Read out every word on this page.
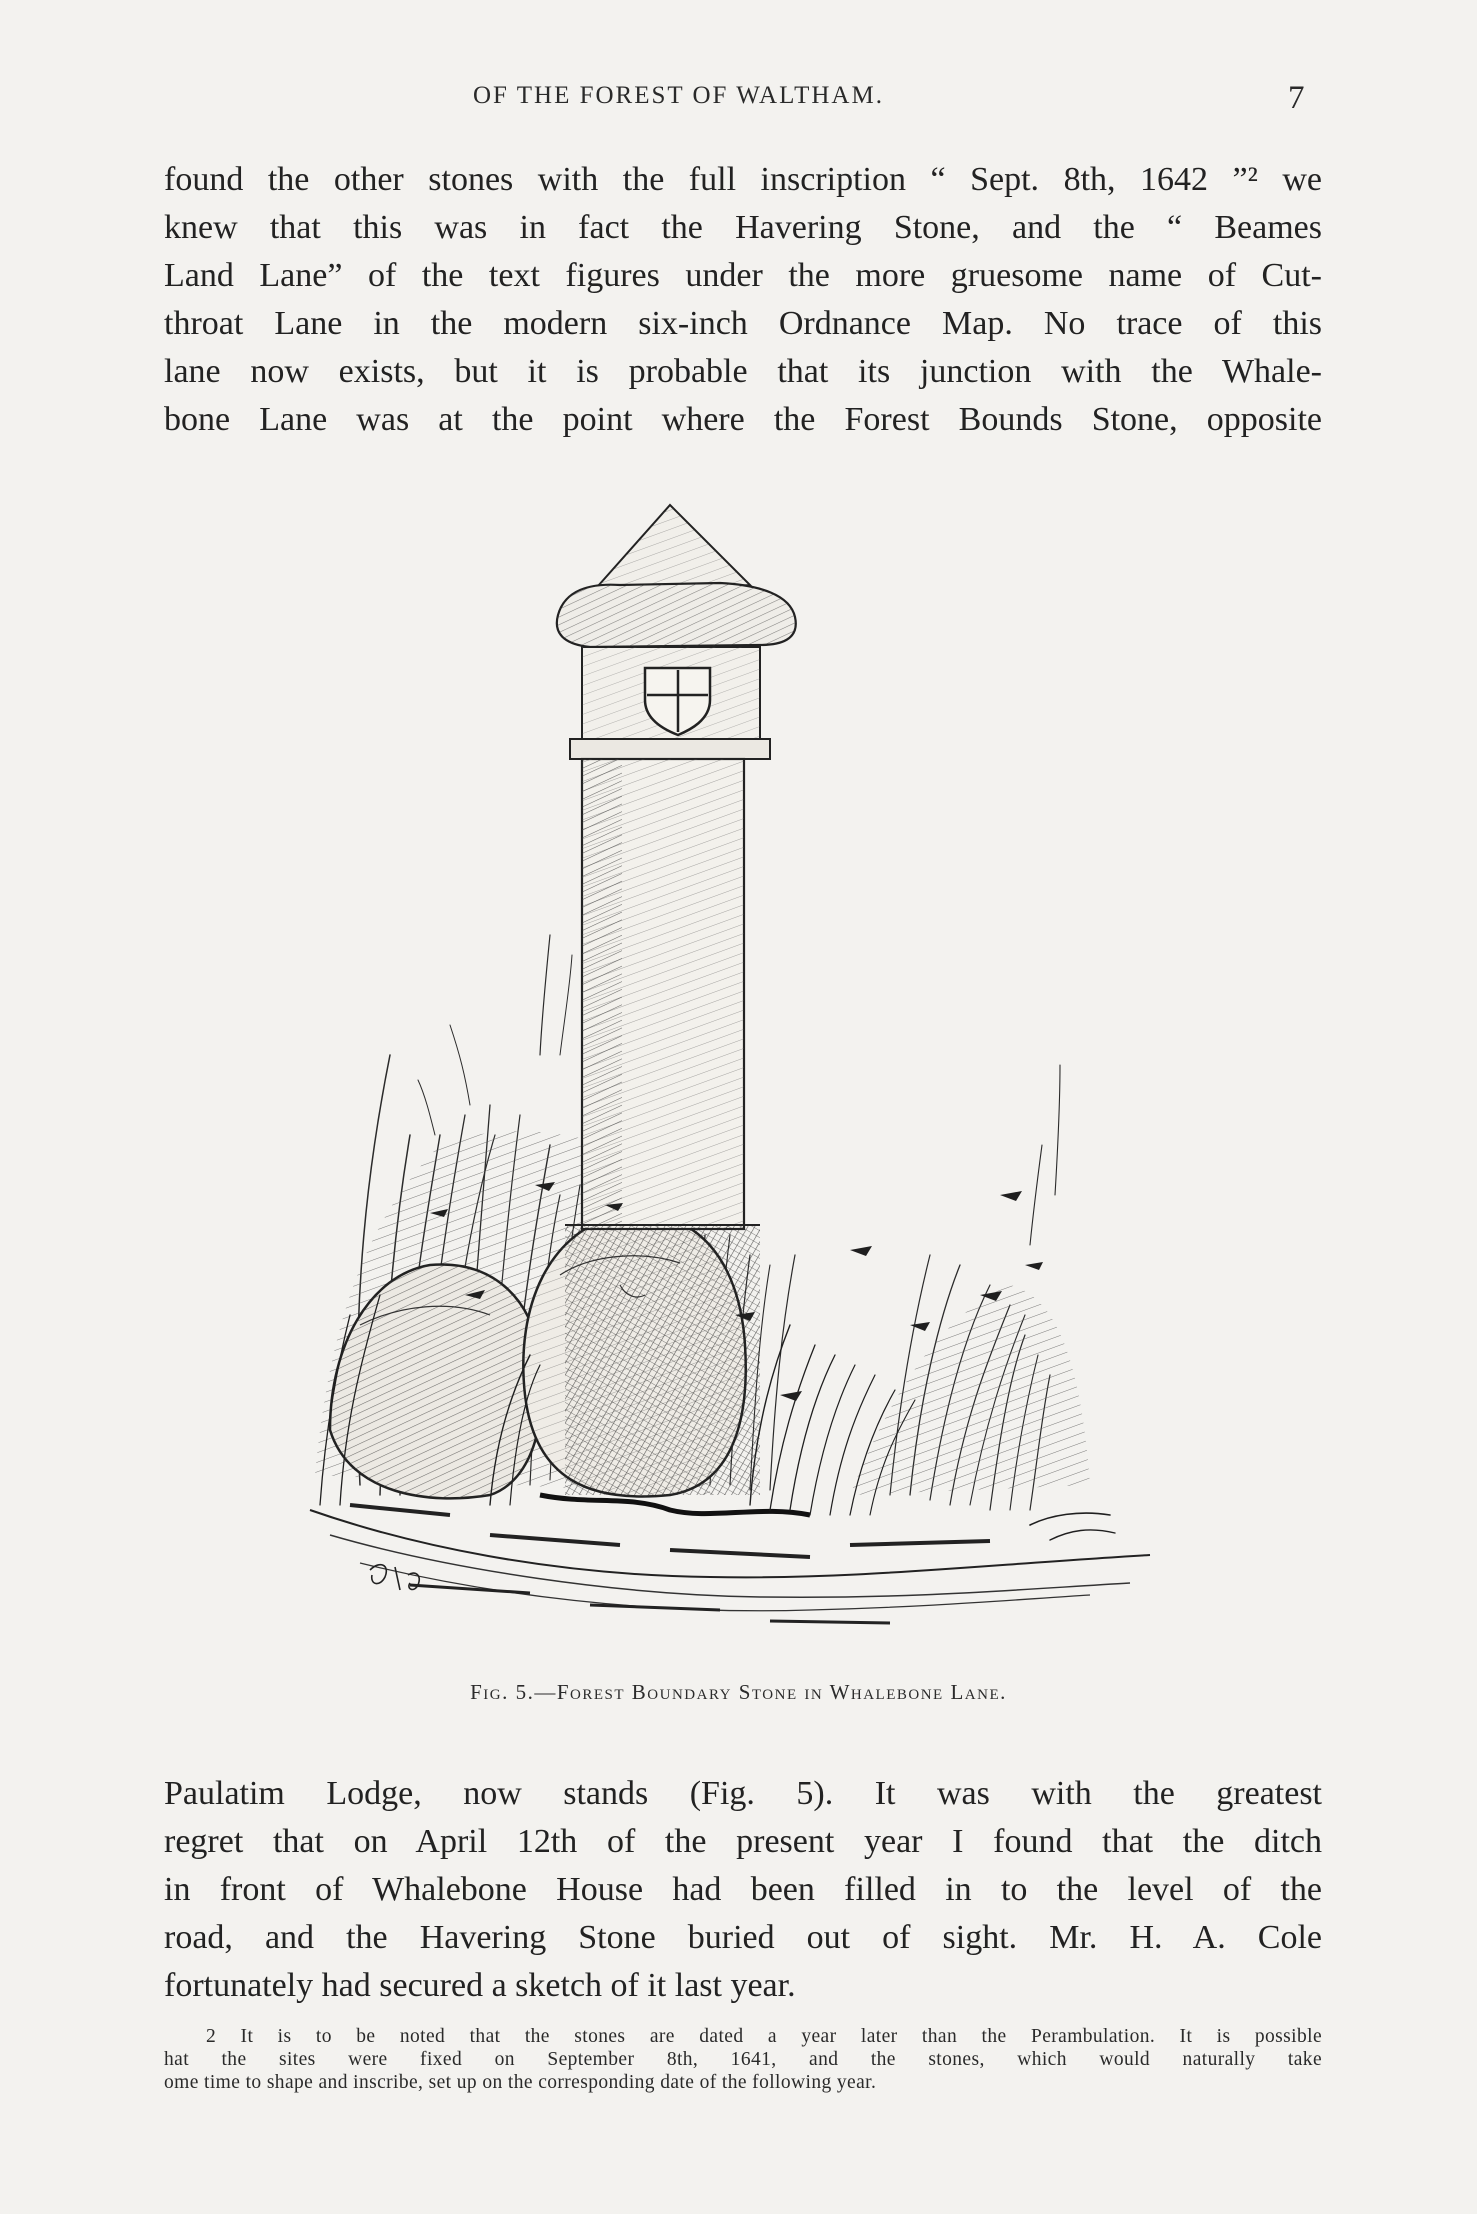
OF THE FOREST OF WALTHAM.	7
found the other stones with the full inscription “ Sept. 8th, 1642 ”² we
knew that this was in fact the Havering Stone, and the “ Beames
Land Lane” of the text figures under the more gruesome name of Cut-
throat Lane in the modern six-inch Ordnance Map. No trace of this
lane now exists, but it is probable that its junction with the Whale-
bone Lane was at the point where the Forest Bounds Stone, opposite
Fig. 5.—Forest Boundary Stone in Whalebone Lane.
Paulatim Lodge, now stands (Fig. 5). It was with the greatest
regret that on April 12th of the present year I found that the ditch
in front of Whalebone House had been filled in to the level of the
road, and the Havering Stone buried out of sight. Mr. H. A. Cole
fortunately had secured a sketch of it last year.
2 It is to be noted that the stones are dated a year later than the Perambulation. It is possible
hat the sites were fixed on September 8th, 1641, and the stones, which would naturally take
ome time to shape and inscribe, set up on the corresponding date of the following year.
